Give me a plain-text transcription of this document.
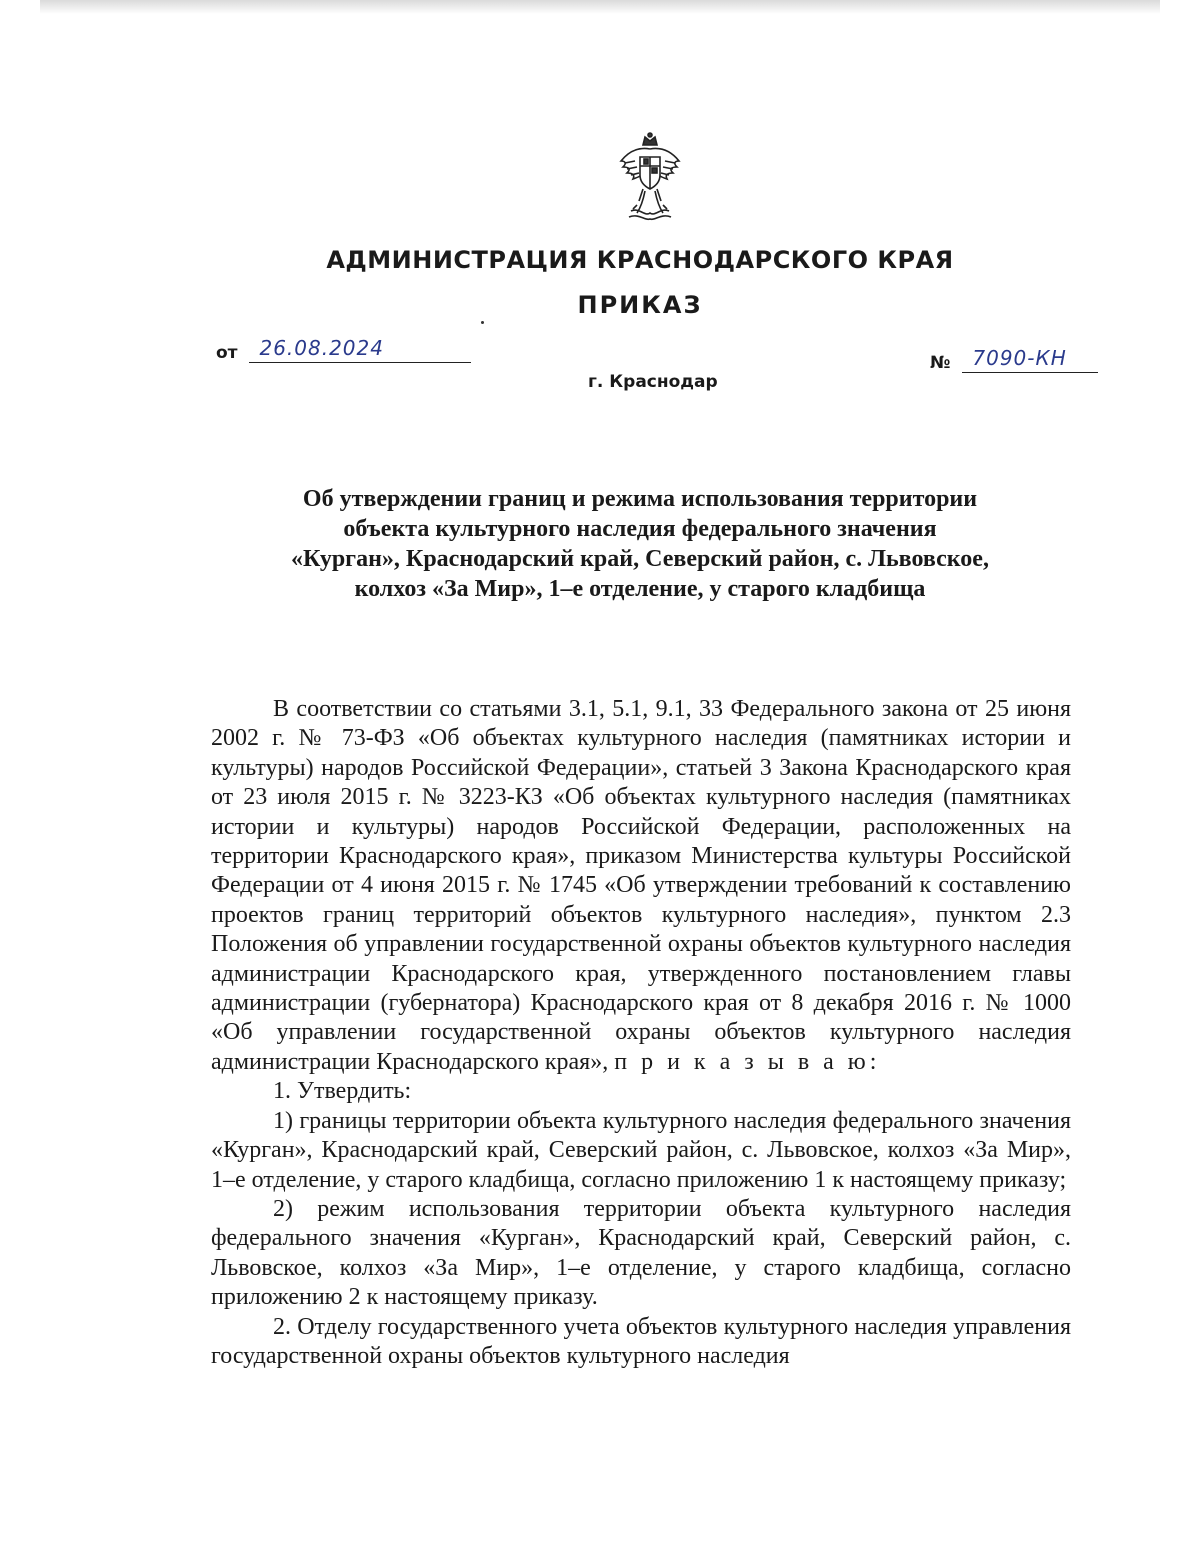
АДМИНИСТРАЦИЯ КРАСНОДАРСКОГО КРАЯ
ПРИКАЗ
от 26.08.2024
№ 7090-КН
г. Краснодар
Об утверждении границ и режима использования территории
объекта культурного наследия федерального значения
«Курган», Краснодарский край, Северский район, с. Львовское,
колхоз «За Мир», 1–е отделение, у старого кладбища

В соответствии со статьями 3.1, 5.1, 9.1, 33 Федерального закона от 25 июня 2002 г. № 73-ФЗ «Об объектах культурного наследия (памятниках истории и культуры) народов Российской Федерации», статьей 3 Закона Краснодарского края от 23 июля 2015 г. № 3223-КЗ «Об объектах культурного наследия (памятниках истории и культуры) народов Российской Федерации, расположенных на территории Краснодарского края», приказом Министерства культуры Российской Федерации от 4 июня 2015 г. № 1745 «Об утверждении требований к составлению проектов границ территорий объектов культурного наследия», пунктом 2.3 Положения об управлении государственной охраны объектов культурного наследия администрации Краснодарского края, утвержденного постановлением главы администрации (губернатора) Краснодарского края от 8 декабря 2016 г. № 1000 «Об управлении государственной охраны объектов культурного наследия администрации Краснодарского края», п р и к а з ы в а ю:

1. Утвердить:

1) границы территории объекта культурного наследия федерального значения «Курган», Краснодарский край, Северский район, с. Львовское, колхоз «За Мир», 1–е отделение, у старого кладбища, согласно приложению 1 к настоящему приказу;

2) режим использования территории объекта культурного наследия федерального значения «Курган», Краснодарский край, Северский район, с. Львовское, колхоз «За Мир», 1–е отделение, у старого кладбища, согласно приложению 2 к настоящему приказу.

2. Отделу государственного учета объектов культурного наследия управления государственной охраны объектов культурного наследия
